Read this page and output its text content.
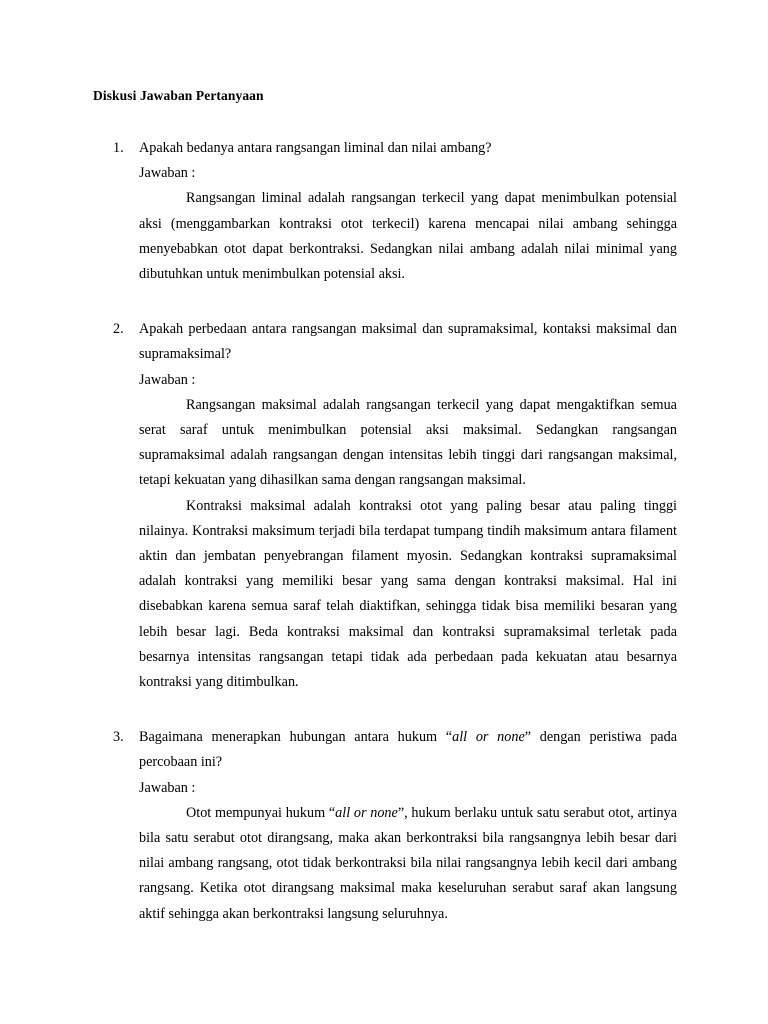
Diskusi Jawaban Pertanyaan
1.	Apakah bedanya antara rangsangan liminal dan nilai ambang?

Jawaban :

Rangsangan liminal adalah rangsangan terkecil yang dapat menimbulkan potensial aksi (menggambarkan kontraksi otot terkecil) karena mencapai nilai ambang sehingga menyebabkan otot dapat berkontraksi. Sedangkan nilai ambang adalah nilai minimal yang dibutuhkan untuk menimbulkan potensial aksi.

2.	Apakah perbedaan antara rangsangan maksimal dan supramaksimal, kontaksi maksimal dan supramaksimal?

Jawaban :

Rangsangan maksimal adalah rangsangan terkecil yang dapat mengaktifkan semua serat saraf untuk menimbulkan potensial aksi maksimal. Sedangkan rangsangan supramaksimal adalah rangsangan dengan intensitas lebih tinggi dari rangsangan maksimal, tetapi kekuatan yang dihasilkan sama dengan rangsangan maksimal.

Kontraksi maksimal adalah kontraksi otot yang paling besar atau paling tinggi nilainya. Kontraksi maksimum terjadi bila terdapat tumpang tindih maksimum antara filament aktin dan jembatan penyebrangan filament myosin. Sedangkan kontraksi supramaksimal adalah kontraksi yang memiliki besar yang sama dengan kontraksi maksimal. Hal ini disebabkan karena semua saraf telah diaktifkan, sehingga tidak bisa memiliki besaran yang lebih besar lagi. Beda kontraksi maksimal dan kontraksi supramaksimal terletak pada besarnya intensitas rangsangan tetapi tidak ada perbedaan pada kekuatan atau besarnya kontraksi yang ditimbulkan.

3.	Bagaimana menerapkan hubungan antara hukum “all or none” dengan peristiwa pada percobaan ini?

Jawaban :

Otot mempunyai hukum “all or none”, hukum berlaku untuk satu serabut otot, artinya bila satu serabut otot dirangsang, maka akan berkontraksi bila rangsangnya lebih besar dari nilai ambang rangsang, otot tidak berkontraksi bila nilai rangsangnya lebih kecil dari ambang rangsang. Ketika otot dirangsang maksimal maka keseluruhan serabut saraf akan langsung aktif sehingga akan berkontraksi langsung seluruhnya.
